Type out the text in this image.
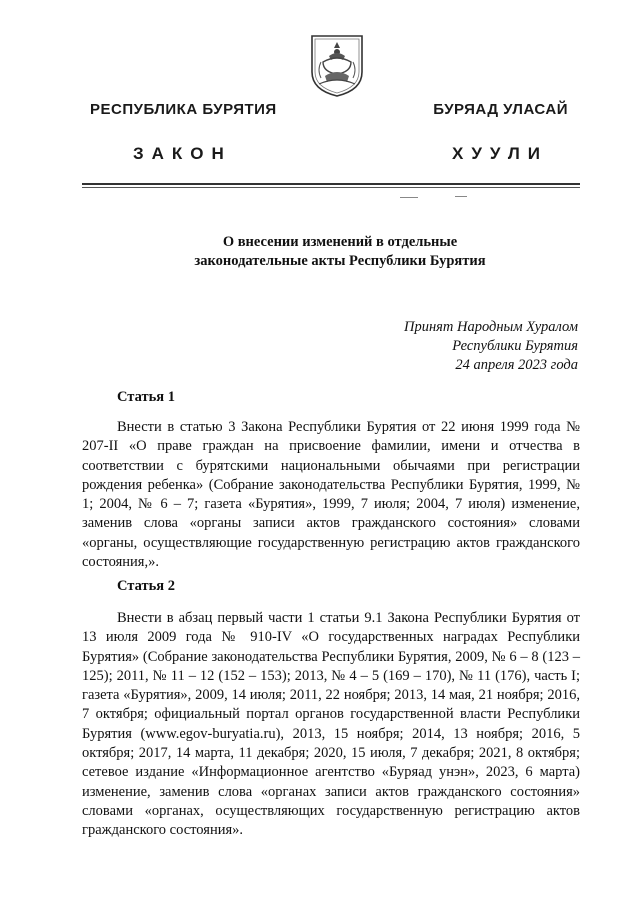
РЕСПУБЛИКА БУРЯТИЯ	БУРЯАД УЛАСАЙ
ЗАКОН	ХУУЛИ
О внесении изменений в отдельные
законодательные акты Республики Бурятия
Принят Народным Хуралом
Республики Бурятия
24 апреля 2023 года
Статья 1
Внести в статью 3 Закона Республики Бурятия от 22 июня 1999 года № 207-II «О праве граждан на присвоение фамилии, имени и отчества в соответствии с бурятскими национальными обычаями при регистрации рождения ребенка» (Собрание законодательства Республики Бурятия, 1999, № 1; 2004, № 6 – 7; газета «Бурятия», 1999, 7 июля; 2004, 7 июля) изменение, заменив слова «органы записи актов гражданского состояния» словами «органы, осуществляющие государственную регистрацию актов гражданского состояния,».
Статья 2
Внести в абзац первый части 1 статьи 9.1 Закона Республики Бурятия от 13 июля 2009 года № 910-IV «О государственных наградах Республики Бурятия» (Собрание законодательства Республики Бурятия, 2009, № 6 – 8 (123 – 125); 2011, № 11 – 12 (152 – 153); 2013, № 4 – 5 (169 – 170), № 11 (176), часть I; газета «Бурятия», 2009, 14 июля; 2011, 22 ноября; 2013, 14 мая, 21 ноября; 2016, 7 октября; официальный портал органов государственной власти Республики Бурятия (www.egov-buryatia.ru), 2013, 15 ноября; 2014, 13 ноября; 2016, 5 октября; 2017, 14 марта, 11 декабря; 2020, 15 июля, 7 декабря; 2021, 8 октября; сетевое издание «Информационное агентство «Буряад унэн», 2023, 6 марта) изменение, заменив слова «органах записи актов гражданского состояния» словами «органах, осуществляющих государственную регистрацию актов гражданского состояния».
